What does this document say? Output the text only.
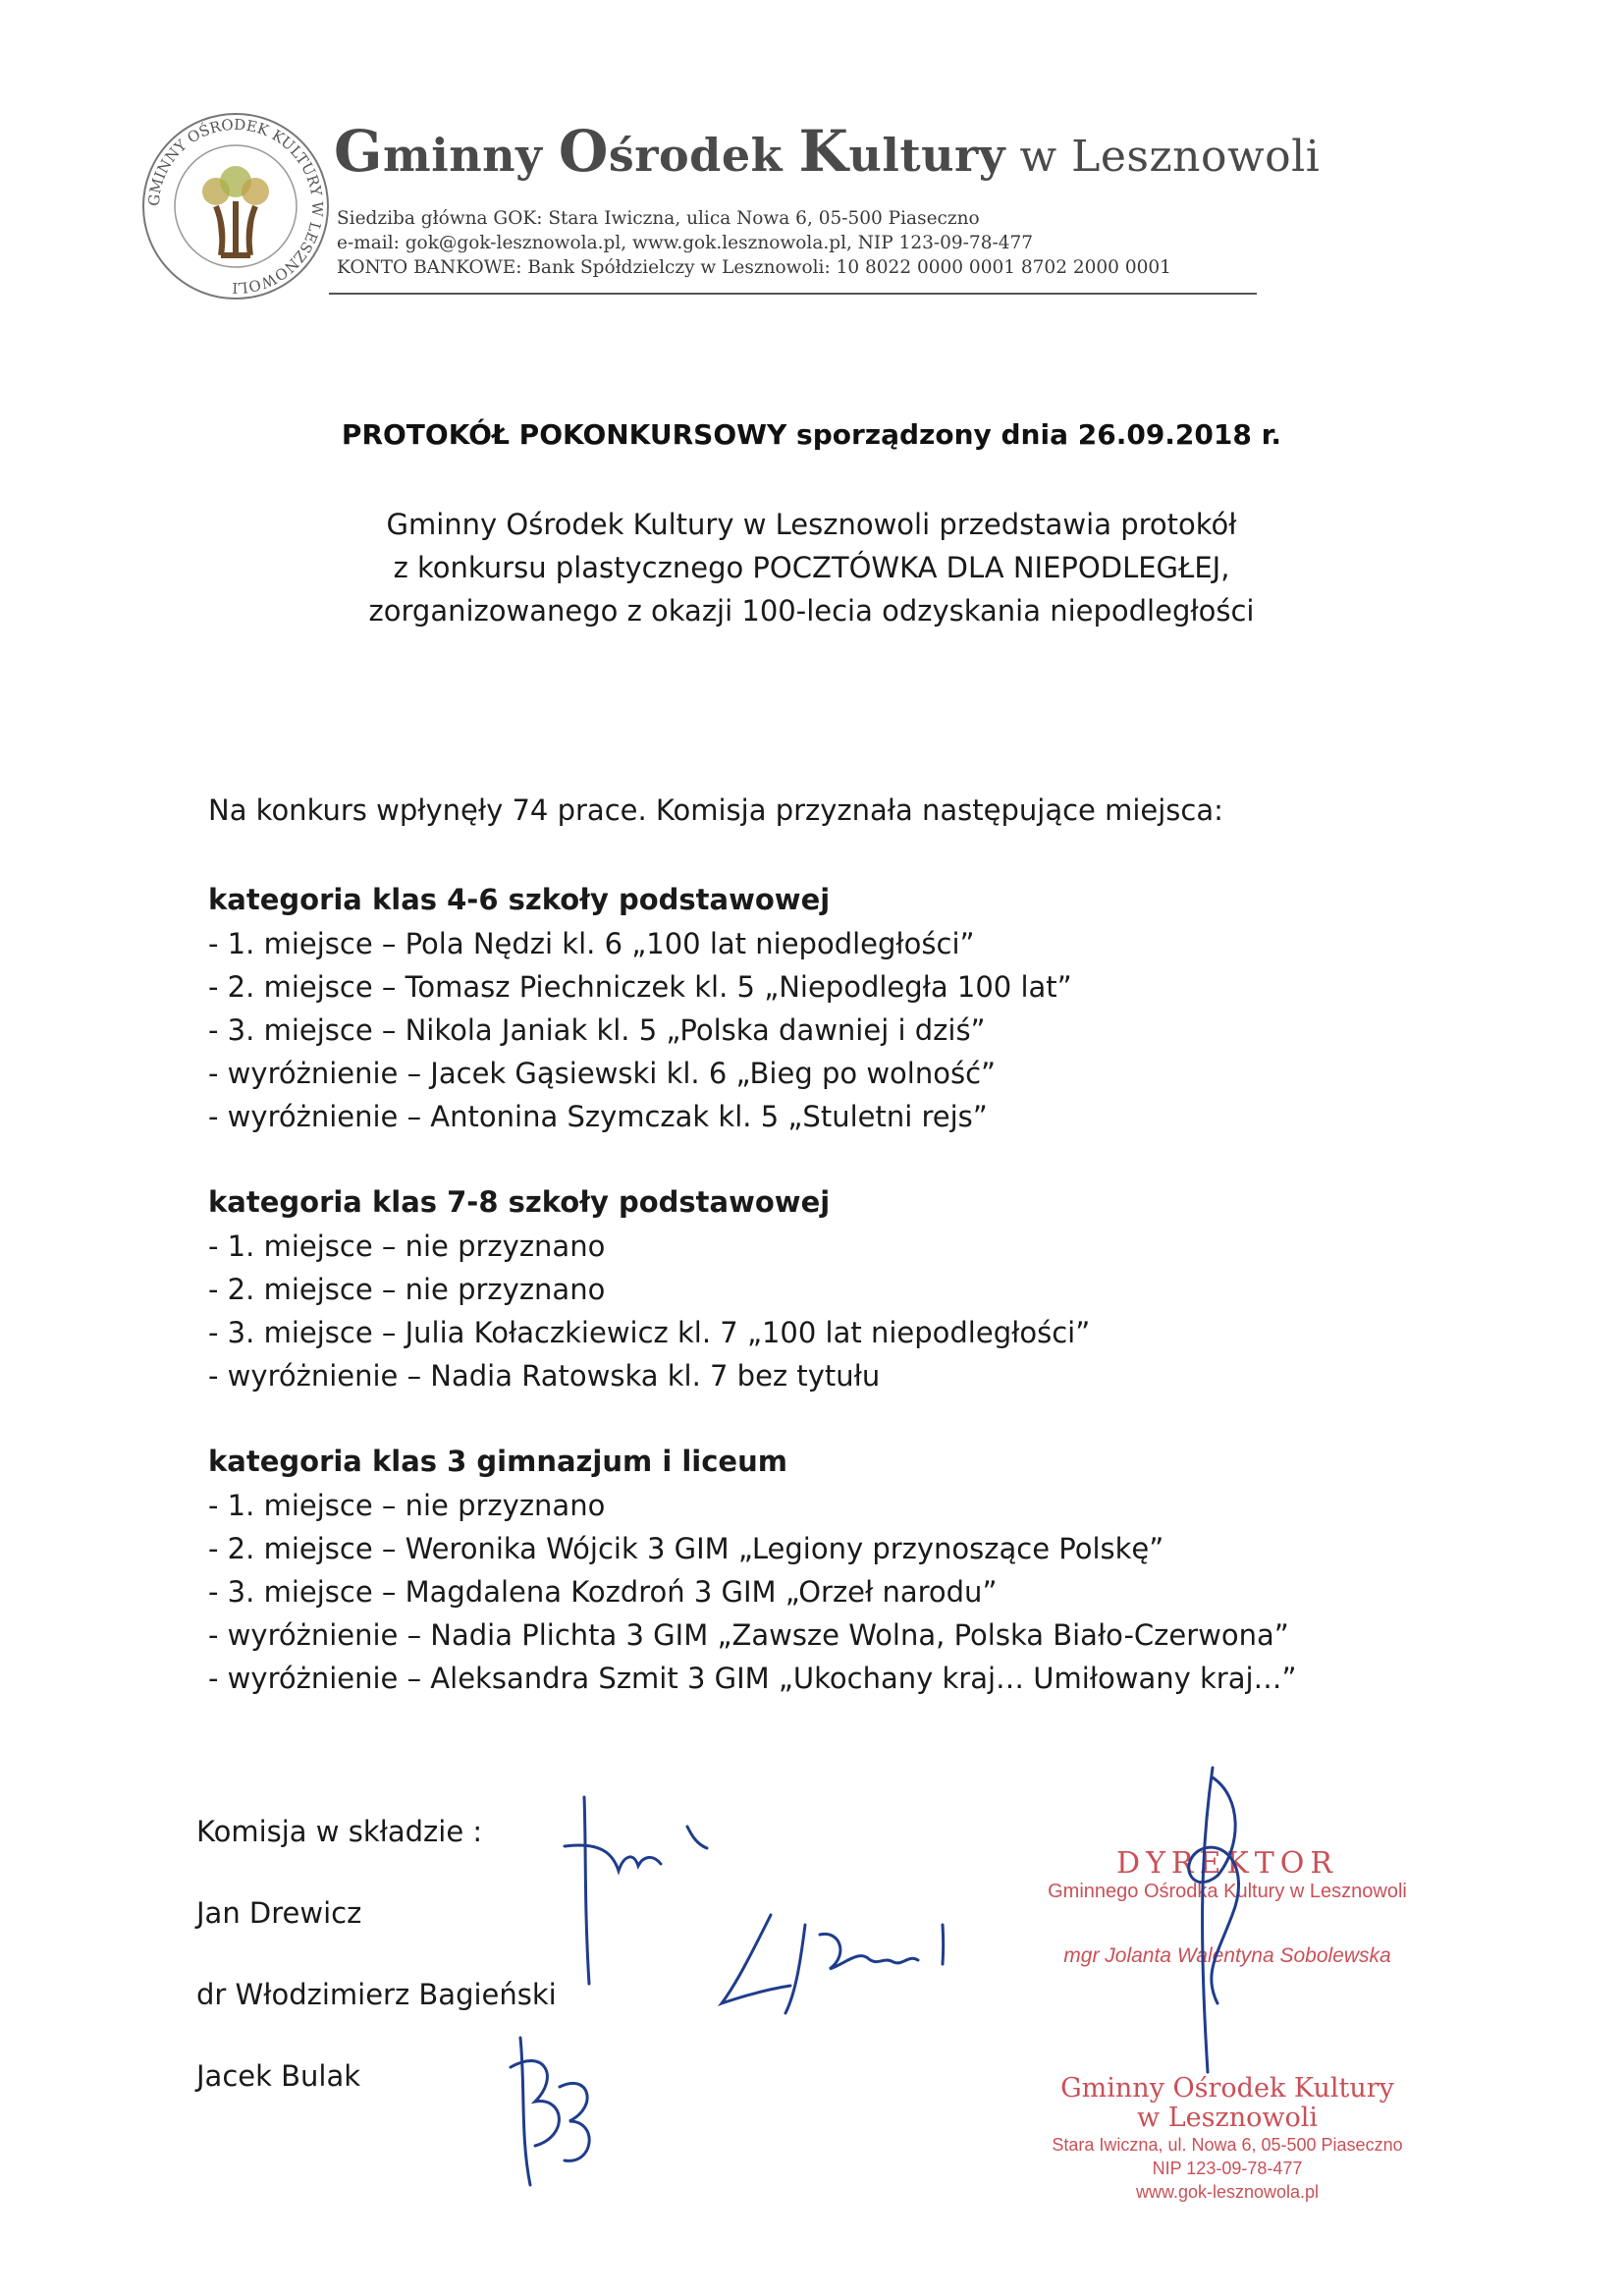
GMINNY OŚRODEK KULTURY W LESZNOWOLI
Gminny Ośrodek Kultury w Lesznowoli
Siedziba główna GOK: Stara Iwiczna, ulica Nowa 6, 05-500 Piaseczno
e-mail: gok@gok-lesznowola.pl, www.gok.lesznowola.pl, NIP 123-09-78-477
KONTO BANKOWE: Bank Spółdzielczy w Lesznowoli: 10 8022 0000 0001 8702 2000 0001
PROTOKÓŁ POKONKURSOWY sporządzony dnia 26.09.2018 r.
Gminny Ośrodek Kultury w Lesznowoli przedstawia protokół
z konkursu plastycznego POCZTÓWKA DLA NIEPODLEGŁEJ,
zorganizowanego z okazji 100-lecia odzyskania niepodległości
Na konkurs wpłynęły 74 prace. Komisja przyznała następujące miejsca:
kategoria klas 4-6 szkoły podstawowej
- 1. miejsce – Pola Nędzi kl. 6 „100 lat niepodległości”
- 2. miejsce – Tomasz Piechniczek kl. 5 „Niepodległa 100 lat”
- 3. miejsce – Nikola Janiak kl. 5 „Polska dawniej i dziś”
- wyróżnienie – Jacek Gąsiewski kl. 6 „Bieg po wolność”
- wyróżnienie – Antonina Szymczak kl. 5 „Stuletni rejs”
kategoria klas 7-8 szkoły podstawowej
- 1. miejsce – nie przyznano
- 2. miejsce – nie przyznano
- 3. miejsce – Julia Kołaczkiewicz kl. 7 „100 lat niepodległości”
- wyróżnienie – Nadia Ratowska kl. 7 bez tytułu
kategoria klas 3 gimnazjum i liceum
- 1. miejsce – nie przyznano
- 2. miejsce – Weronika Wójcik 3 GIM „Legiony przynoszące Polskę”
- 3. miejsce – Magdalena Kozdroń 3 GIM „Orzeł narodu”
- wyróżnienie – Nadia Plichta 3 GIM „Zawsze Wolna, Polska Biało-Czerwona”
- wyróżnienie – Aleksandra Szmit 3 GIM „Ukochany kraj… Umiłowany kraj…”
Komisja w składzie :
Jan Drewicz
dr Włodzimierz Bagieński
Jacek Bulak
DYREKTOR
Gminnego Ośrodka Kultury w Lesznowoli
mgr Jolanta Walentyna Sobolewska
Gminny Ośrodek Kultury
w Lesznowoli
Stara Iwiczna, ul. Nowa 6, 05-500 Piaseczno
NIP 123-09-78-477
www.gok-lesznowola.pl
